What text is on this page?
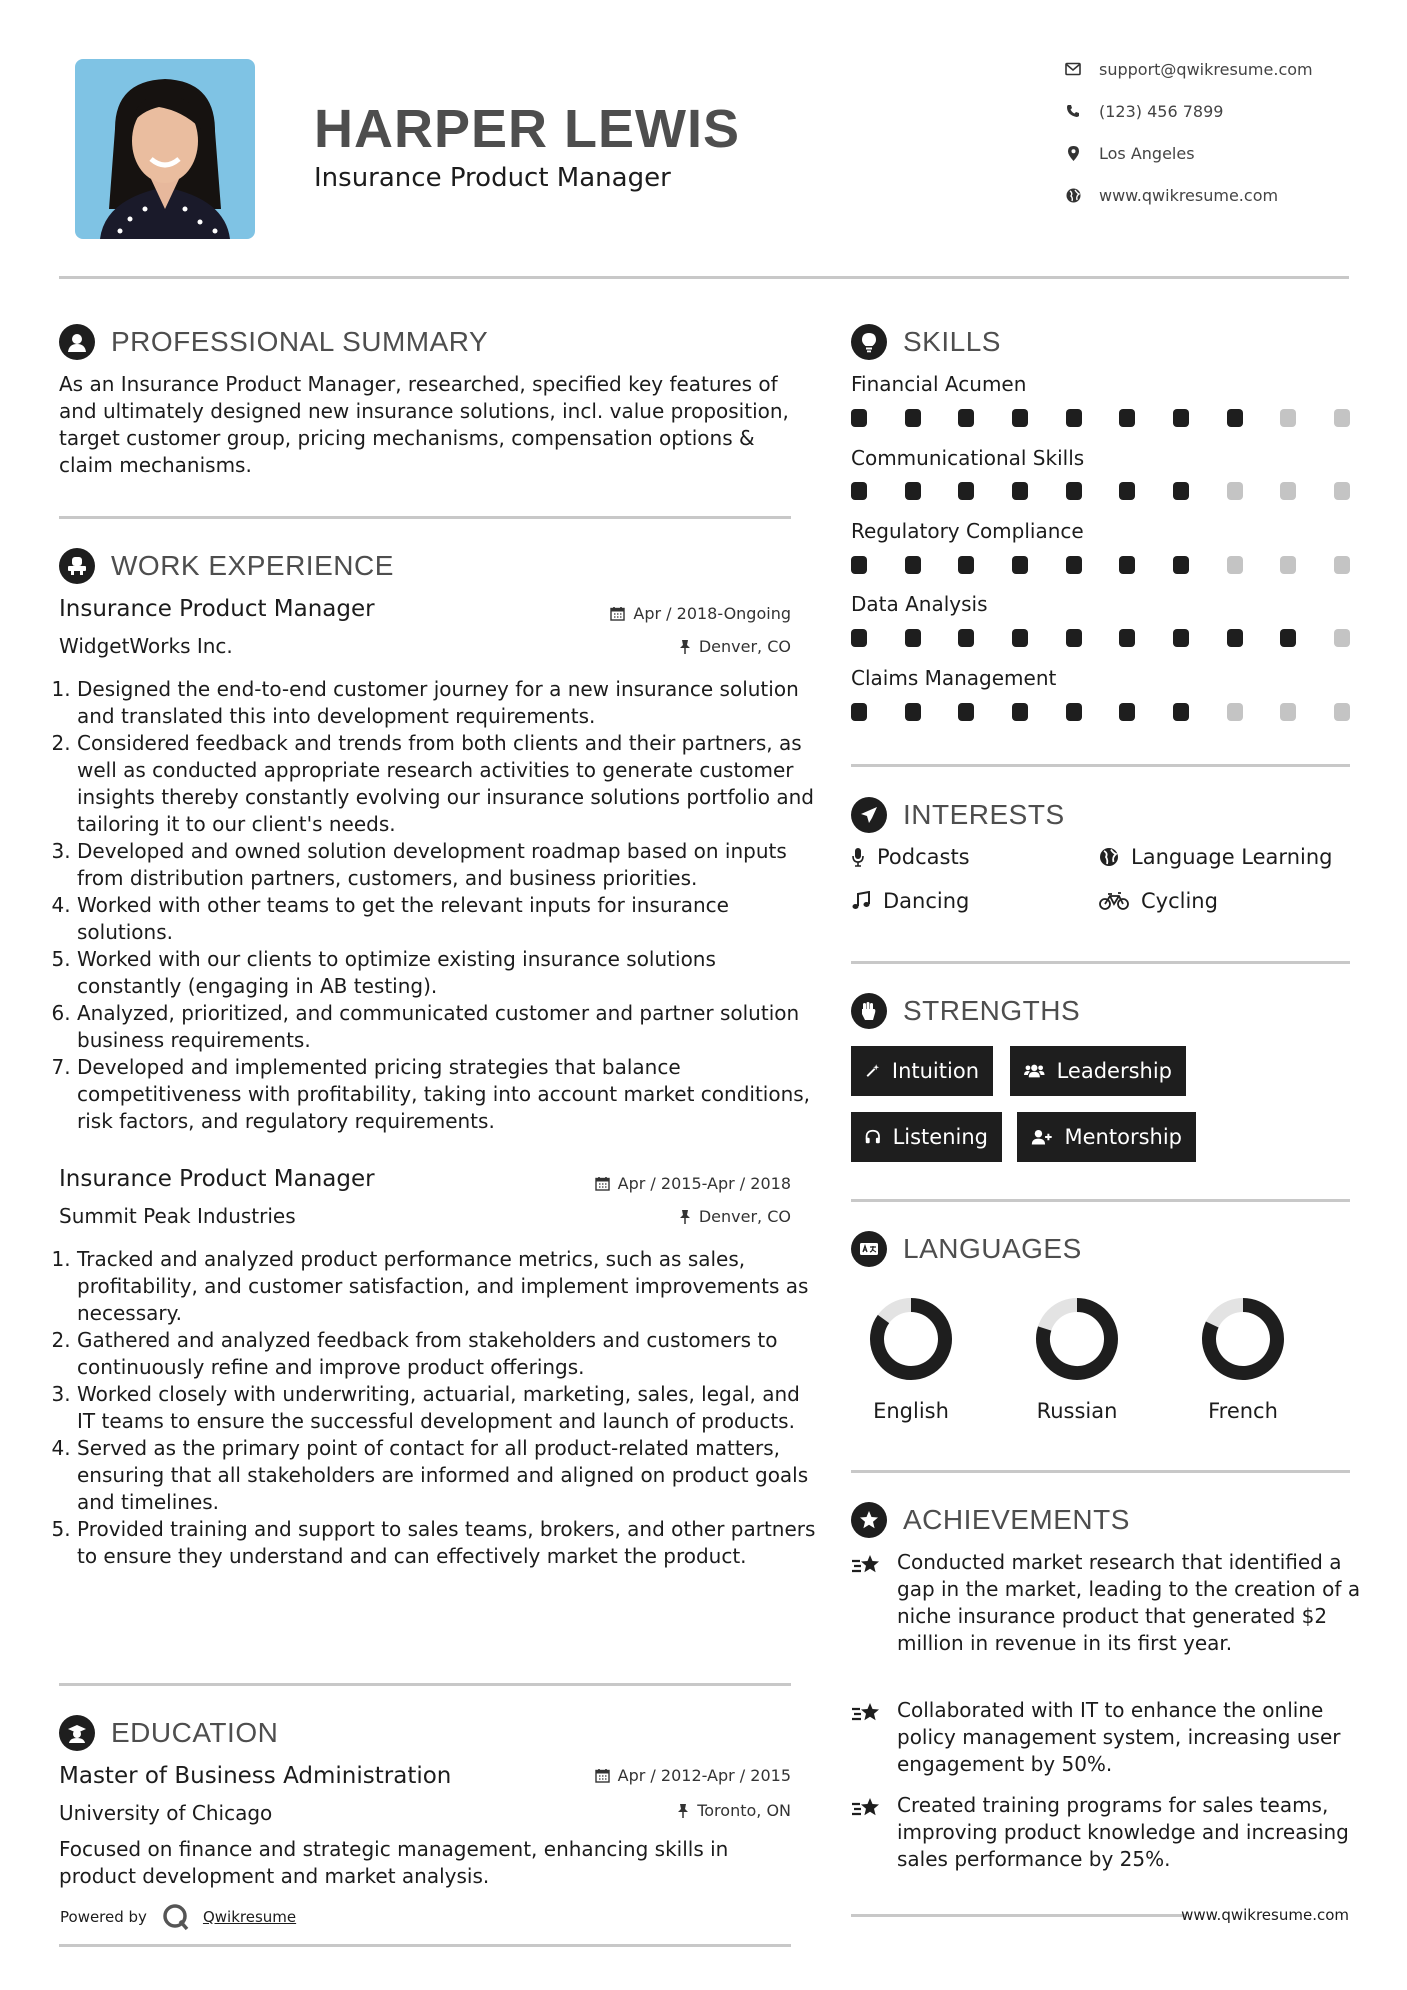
HARPER LEWIS
Insurance Product Manager
support@qwikresume.com
(123) 456 7899
Los Angeles
www.qwikresume.com
PROFESSIONAL SUMMARY
As an Insurance Product Manager, researched, specified key features of and ultimately designed new insurance solutions, incl. value proposition, target customer group, pricing mechanisms, compensation options & claim mechanisms.
WORK EXPERIENCE
Insurance Product Manager	Apr / 2018-Ongoing
WidgetWorks Inc.	Denver, CO
1. Designed the end-to-end customer journey for a new insurance solution and translated this into development requirements.
2. Considered feedback and trends from both clients and their partners, as well as conducted appropriate research activities to generate customer insights thereby constantly evolving our insurance solutions portfolio and tailoring it to our client's needs.
3. Developed and owned solution development roadmap based on inputs from distribution partners, customers, and business priorities.
4. Worked with other teams to get the relevant inputs for insurance solutions.
5. Worked with our clients to optimize existing insurance solutions constantly (engaging in AB testing).
6. Analyzed, prioritized, and communicated customer and partner solution business requirements.
7. Developed and implemented pricing strategies that balance competitiveness with profitability, taking into account market conditions, risk factors, and regulatory requirements.
Insurance Product Manager	Apr / 2015-Apr / 2018
Summit Peak Industries	Denver, CO
1. Tracked and analyzed product performance metrics, such as sales, profitability, and customer satisfaction, and implement improvements as necessary.
2. Gathered and analyzed feedback from stakeholders and customers to continuously refine and improve product offerings.
3. Worked closely with underwriting, actuarial, marketing, sales, legal, and IT teams to ensure the successful development and launch of products.
4. Served as the primary point of contact for all product-related matters, ensuring that all stakeholders are informed and aligned on product goals and timelines.
5. Provided training and support to sales teams, brokers, and other partners to ensure they understand and can effectively market the product.
EDUCATION
Master of Business Administration	Apr / 2012-Apr / 2015
University of Chicago	Toronto, ON
Focused on finance and strategic management, enhancing skills in product development and market analysis.
Powered by	Qwikresume
SKILLS
Financial Acumen
Communicational Skills
Regulatory Compliance
Data Analysis
Claims Management
INTERESTS
Podcasts	Language Learning
Dancing	Cycling
STRENGTHS
Intuition	Leadership
Listening	Mentorship
LANGUAGES
English	Russian	French
ACHIEVEMENTS
Conducted market research that identified a gap in the market, leading to the creation of a niche insurance product that generated $2 million in revenue in its first year.
Collaborated with IT to enhance the online policy management system, increasing user engagement by 50%.
Created training programs for sales teams, improving product knowledge and increasing sales performance by 25%.
www.qwikresume.com
